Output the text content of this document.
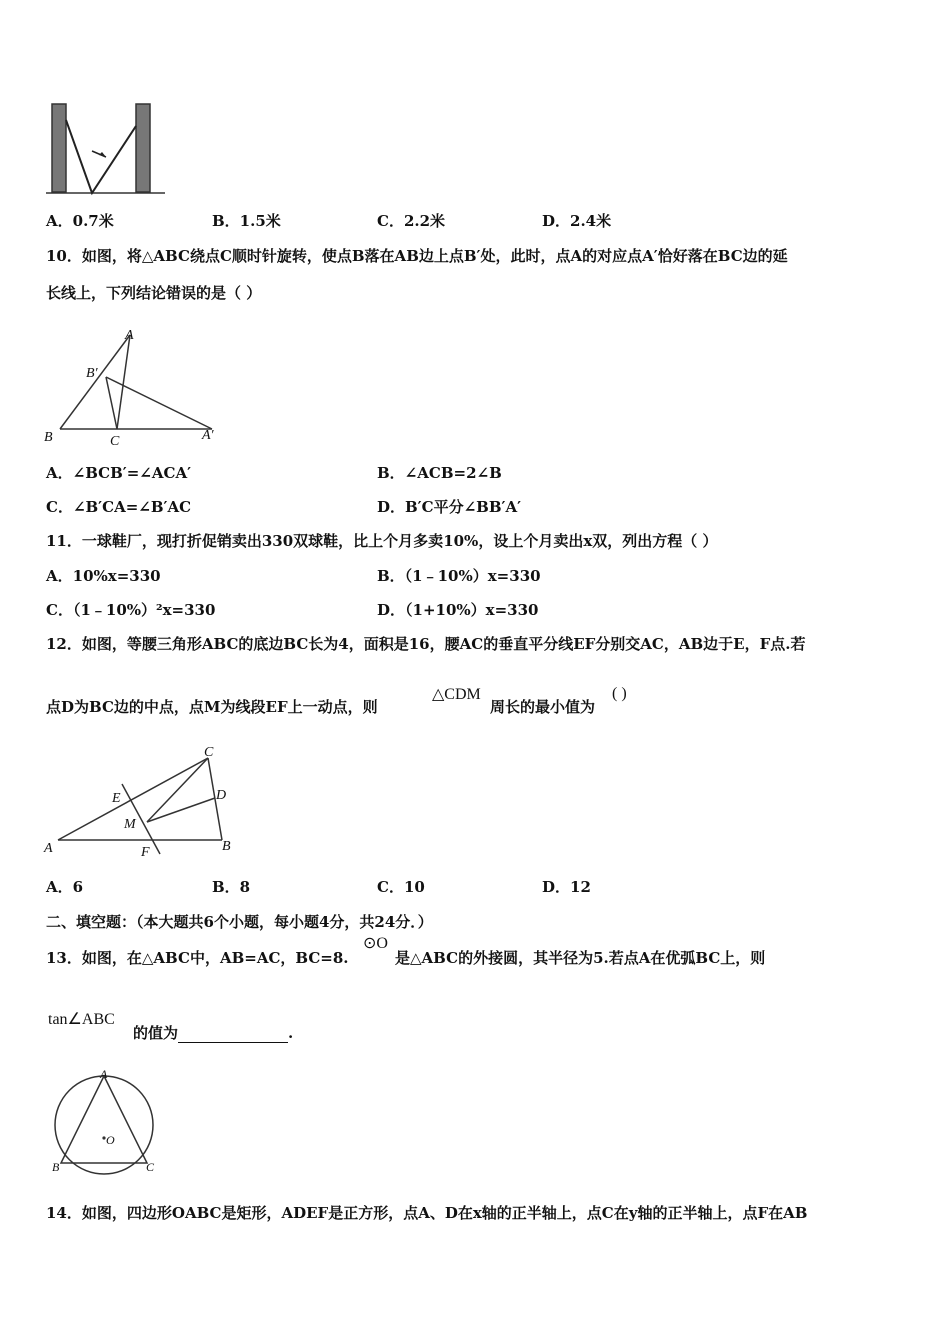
A．0.7米	B．1.5米	C．2.2米	D．2.4米
10．如图，将△ABC绕点C顺时针旋转，使点B落在AB边上点B′处，此时，点A的对应点A′恰好落在BC边的延
长线上，下列结论错误的是（ ）
A
B′
B	C	A′
A．∠BCB′=∠ACA′	B．∠ACB=2∠B
C．∠B′CA=∠B′AC	D．B′C平分∠BB′A′
11．一球鞋厂，现打折促销卖出330双球鞋，比上个月多卖10%，设上个月卖出x双，列出方程（ ）
A．10%x=330	B．（1﹣10%）x=330
C．（1﹣10%）²x=330	D．（1+10%）x=330
12．如图，等腰三角形ABC的底边BC长为4，面积是16，腰AC的垂直平分线EF分别交AC，AB边于E，F点.若
点D为BC边的中点，点M为线段EF上一动点，则
△CDM
周长的最小值为
( )
C
E	D
M
A	F	B
A．6	B．8	C．10	D．12
二、填空题：（本大题共6个小题，每小题4分，共24分．）
13．如图，在△ABC中，AB=AC，BC=8.
⊙O
是△ABC的外接圆，其半径为5.若点A在优弧BC上，则
tan∠ABC
的值为	.
A
O
B	C
14．如图，四边形OABC是矩形，ADEF是正方形，点A、D在x轴的正半轴上，点C在y轴的正半轴上，点F在AB
